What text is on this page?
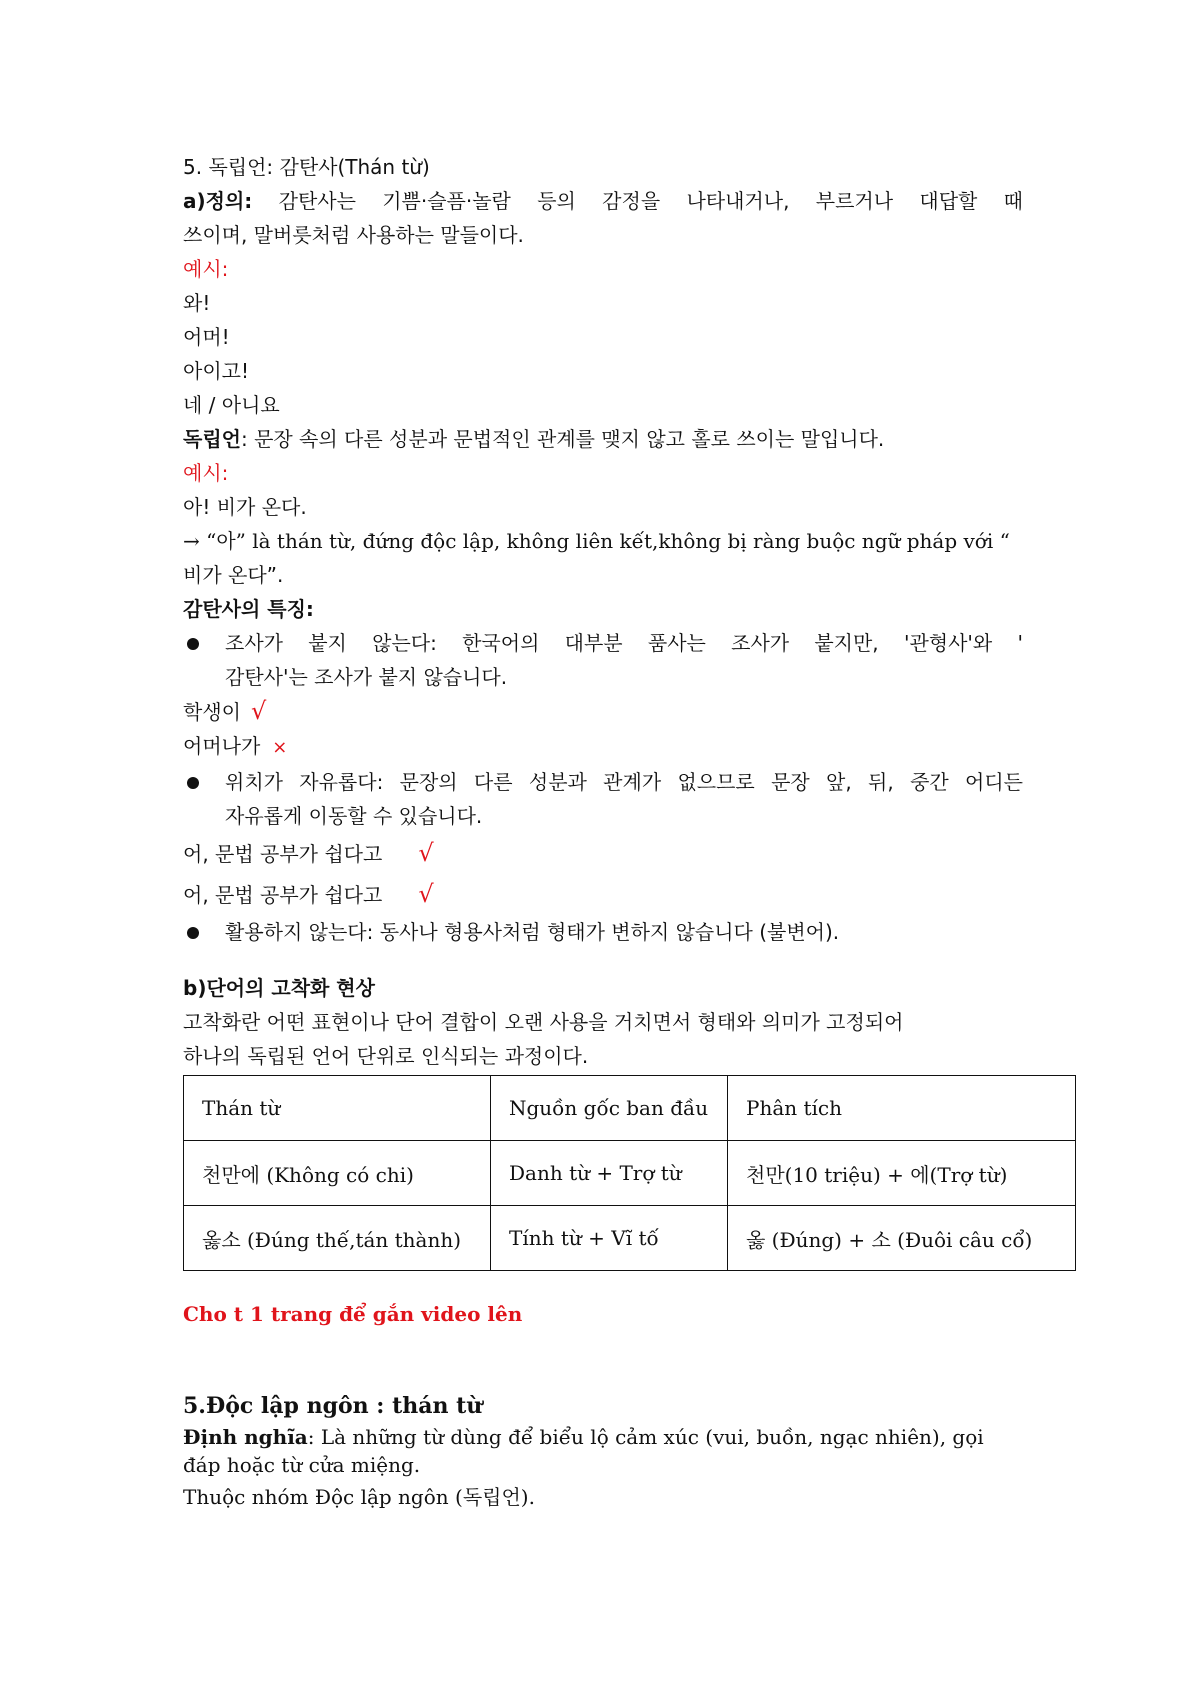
5. 독립언: 감탄사(Thán từ)
a)정의: 감탄사는 기쁨·슬픔·놀람 등의 감정을 나타내거나, 부르거나 대답할 때
쓰이며, 말버릇처럼 사용하는 말들이다.
예시:
와!
어머!
아이고!
네 / 아니요
독립언: 문장 속의 다른 성분과 문법적인 관계를 맺지 않고 홀로 쓰이는 말입니다.
예시:
아! 비가 온다.
→ “아” là thán từ, đứng độc lập, không liên kết,không bị ràng buộc ngữ pháp với “
비가 온다”.
감탄사의 특징:
조사가 붙지 않는다: 한국어의 대부분 품사는 조사가 붙지만, '관형사'와 '
감탄사'는 조사가 붙지 않습니다.
학생이 √
어머나가 ×
위치가 자유롭다: 문장의 다른 성분과 관계가 없으므로 문장 앞, 뒤, 중간 어디든
자유롭게 이동할 수 있습니다.
어, 문법 공부가 쉽다고 √
어, 문법 공부가 쉽다고 √
활용하지 않는다: 동사나 형용사처럼 형태가 변하지 않습니다 (불변어).
b)단어의 고착화 현상
고착화란 어떤 표현이나 단어 결합이 오랜 사용을 거치면서 형태와 의미가 고정되어
하나의 독립된 언어 단위로 인식되는 과정이다.
Thán từ	Nguồn gốc ban đầu	Phân tích
천만에 (Không có chi)	Danh từ + Trợ từ	천만(10 triệu) + 에(Trợ từ)
옳소 (Đúng thế,tán thành)	Tính từ + Vĩ tố	옳 (Đúng) + 소 (Đuôi câu cổ)
Cho t 1 trang để gắn video lên
5.Độc lập ngôn : thán từ
Định nghĩa: Là những từ dùng để biểu lộ cảm xúc (vui, buồn, ngạc nhiên), gọi đáp hoặc từ cửa miệng.
Thuộc nhóm Độc lập ngôn (독립언).
